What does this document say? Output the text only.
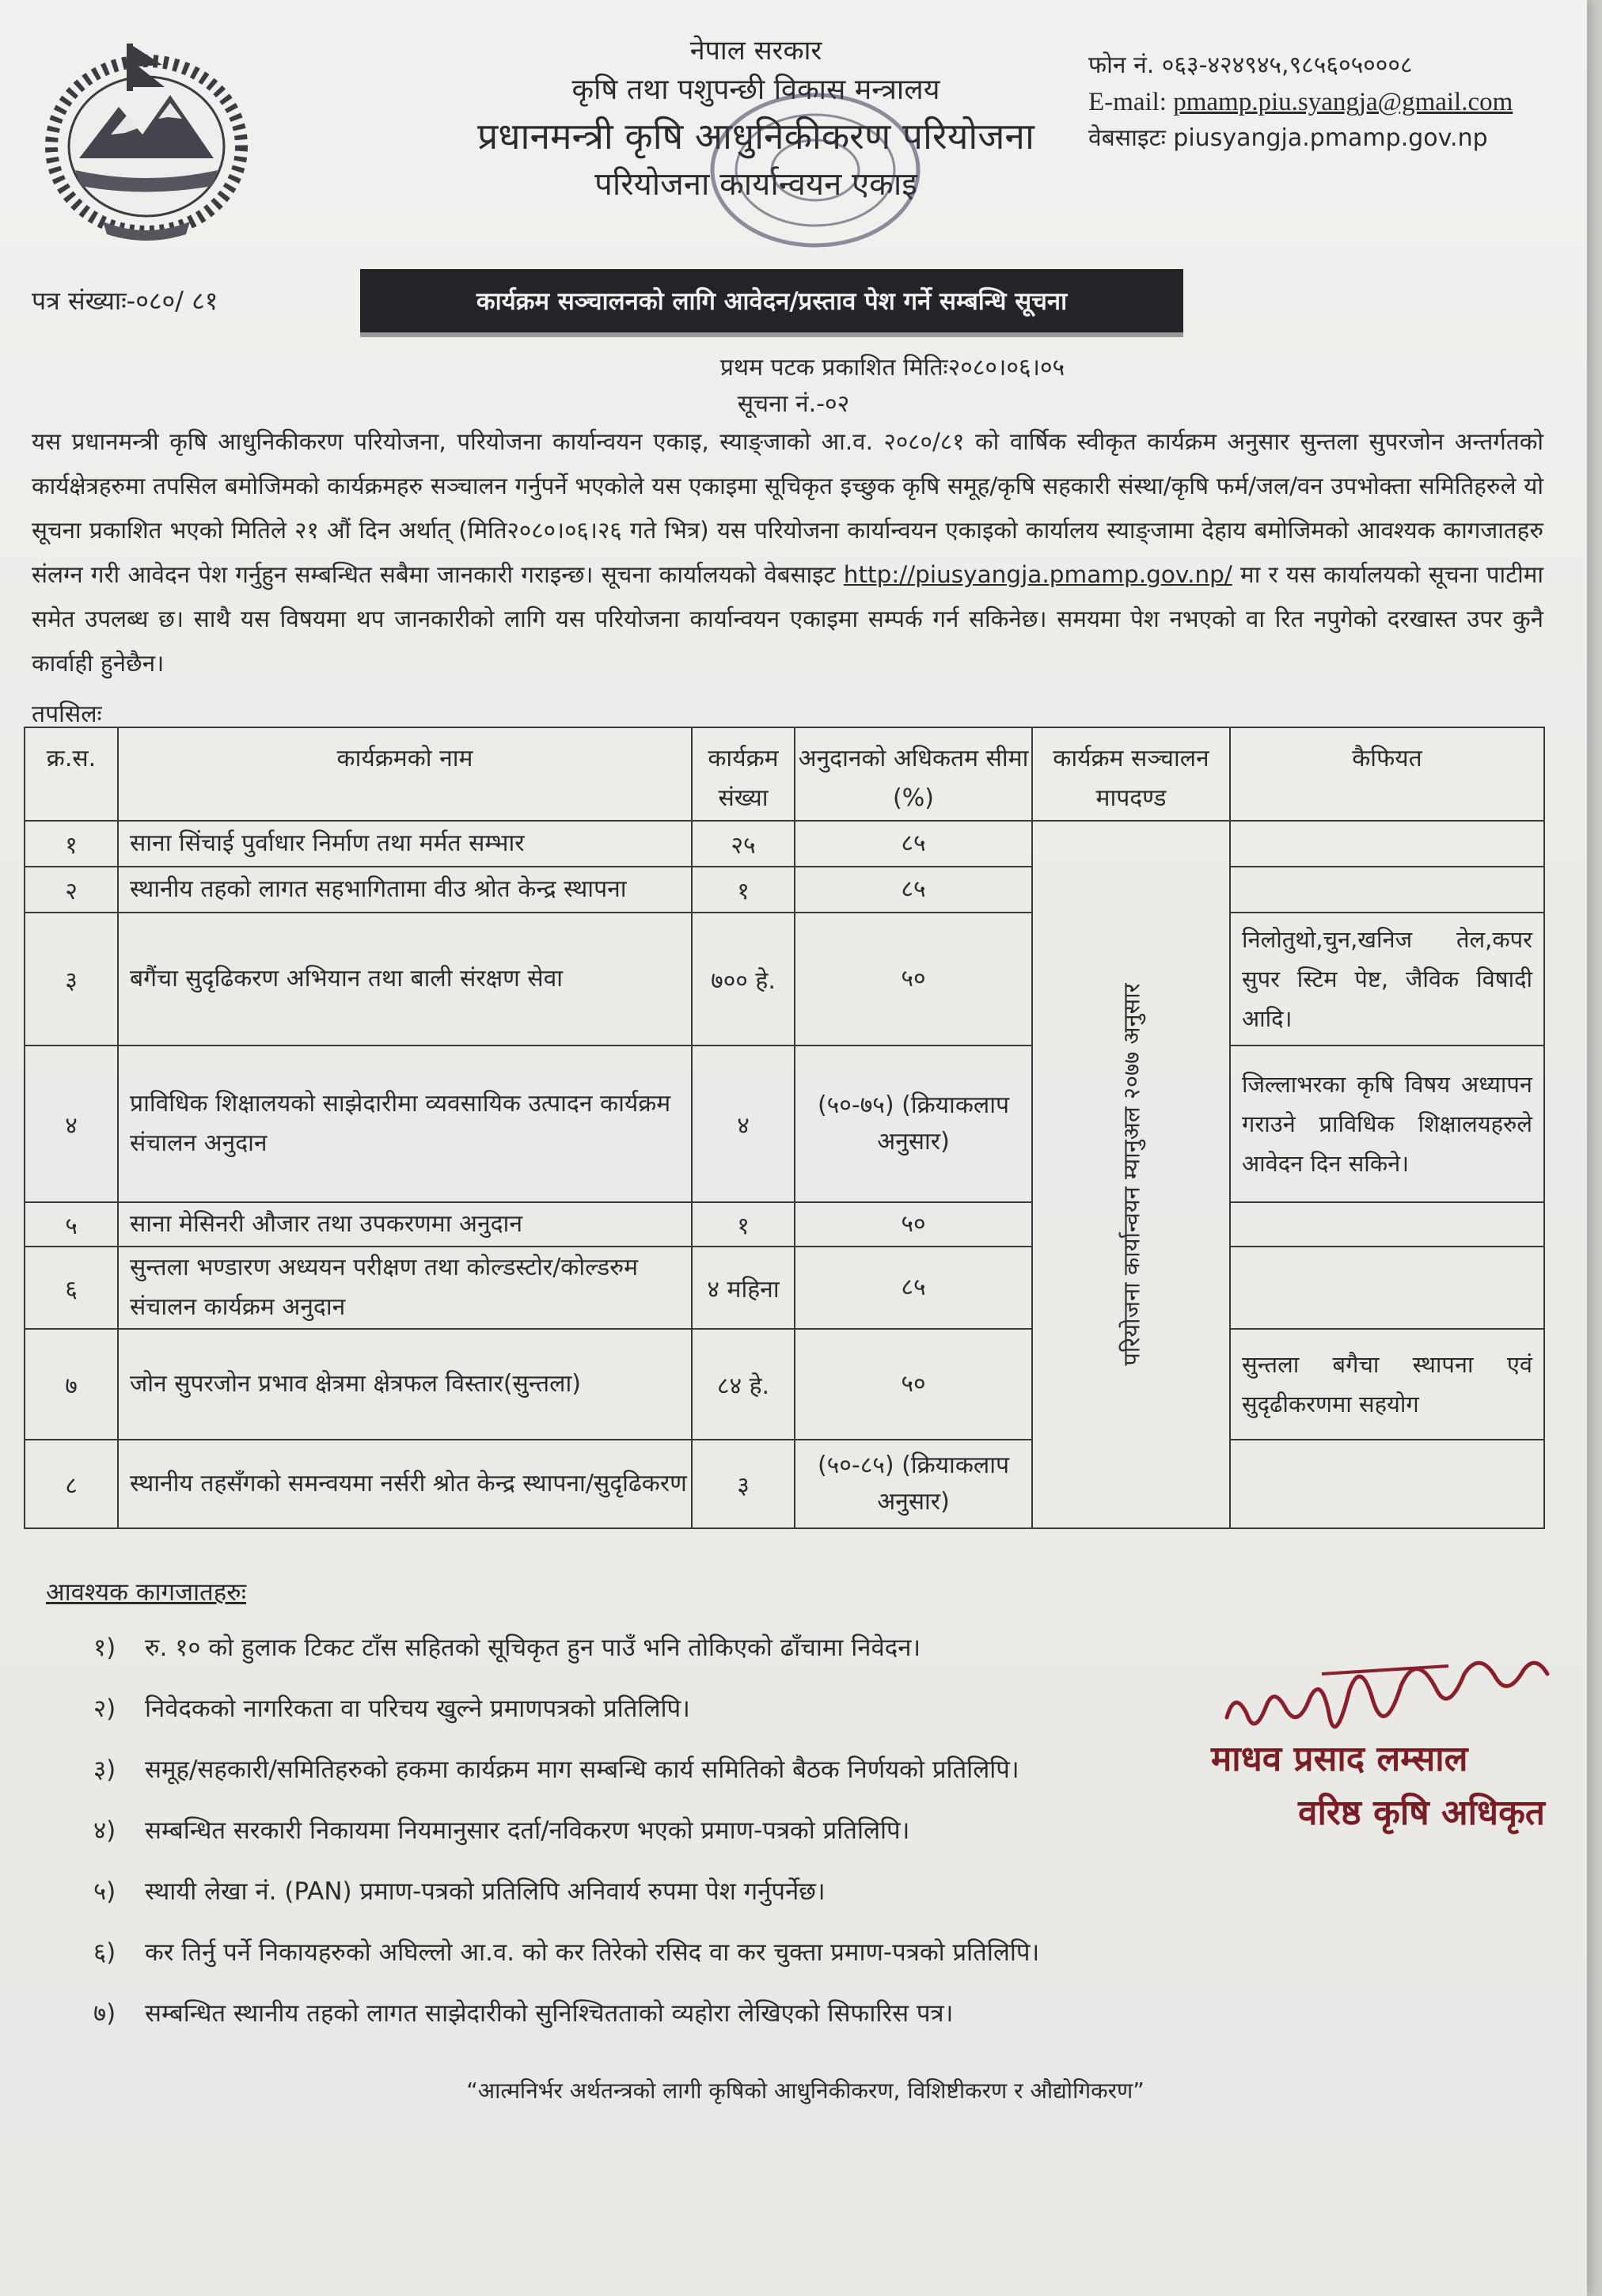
नेपाल सरकार
कृषि तथा पशुपन्छी विकास मन्त्रालय
प्रधानमन्त्री कृषि आधुनिकीकरण परियोजना
परियोजना कार्यान्वयन एकाइ
फोन नं. ०६३-४२४९४५,९८५६०५०००८
E-mail: pmamp.piu.syangja@gmail.com
वेबसाइटः piusyangja.pmamp.gov.np
पत्र संख्याः-०८०/ ८१	कार्यक्रम सञ्चालनको लागि आवेदन/प्रस्ताव पेश गर्ने सम्बन्धि सूचना
प्रथम पटक प्रकाशित मितिः२०८०।०६।०५
सूचना नं.-०२
यस प्रधानमन्त्री कृषि आधुनिकीकरण परियोजना, परियोजना कार्यान्वयन एकाइ, स्याङ्जाको आ.व. २०८०/८१ को वार्षिक स्वीकृत कार्यक्रम अनुसार सुन्तला सुपरजोन अन्तर्गतको कार्यक्षेत्रहरुमा तपसिल बमोजिमको कार्यक्रमहरु सञ्चालन गर्नुपर्ने भएकोले यस एकाइमा सूचिकृत इच्छुक कृषि समूह/कृषि सहकारी संस्था/कृषि फर्म/जल/वन उपभोक्ता समितिहरुले यो सूचना प्रकाशित भएको मितिले २१ औं दिन अर्थात् (मिति२०८०।०६।२६ गते भित्र) यस परियोजना कार्यान्वयन एकाइको कार्यालय स्याङ्जामा देहाय बमोजिमको आवश्यक कागजातहरु संलग्न गरी आवेदन पेश गर्नुहुन सम्बन्धित सबैमा जानकारी गराइन्छ। सूचना कार्यालयको वेबसाइट http://piusyangja.pmamp.gov.np/ मा र यस कार्यालयको सूचना पाटीमा समेत उपलब्ध छ। साथै यस विषयमा थप जानकारीको लागि यस परियोजना कार्यान्वयन एकाइमा सम्पर्क गर्न सकिनेछ। समयमा पेश नभएको वा रित नपुगेको दरखास्त उपर कुनै कार्वाही हुनेछैन।
तपसिलः
क्र.स.	कार्यक्रमको नाम	कार्यक्रम संख्या	अनुदानको अधिकतम सीमा (%)	कार्यक्रम सञ्चालन मापदण्ड	कैफियत
१	साना सिंचाई पुर्वाधार निर्माण तथा मर्मत सम्भार	२५	८५	परियोजना कार्यान्वयन म्यानुअल २०७७ अनुसार	

२	स्थानीय तहको लागत सहभागितामा वीउ श्रोत केन्द्र स्थापना	१	८५		
३	बगैंचा सुदृढिकरण अभियान तथा बाली संरक्षण सेवा	७०० हे.	५०		निलोतुथो,चुन,खनिज तेल,कपर सुपर स्टिम पेष्ट, जैविक विषादी आदि।
४	प्राविधिक शिक्षालयको साझेदारीमा व्यवसायिक उत्पादन कार्यक्रम संचालन अनुदान	४	(५०-७५) (क्रियाकलाप अनुसार)		जिल्लाभरका कृषि विषय अध्यापन गराउने प्राविधिक शिक्षालयहरुले आवेदन दिन सकिने।
५	साना मेसिनरी औजार तथा उपकरणमा अनुदान	१	५०		
६	सुन्तला भण्डारण अध्ययन परीक्षण तथा कोल्डस्टोर/कोल्डरुम संचालन कार्यक्रम अनुदान	४ महिना	८५		
७	जोन सुपरजोन प्रभाव क्षेत्रमा क्षेत्रफल विस्तार(सुन्तला)	८४ हे.	५०		सुन्तला बगैचा स्थापना एवं सुदृढीकरणमा सहयोग
८	स्थानीय तहसँगको समन्वयमा नर्सरी श्रोत केन्द्र स्थापना/सुदृढिकरण	३	(५०-८५) (क्रियाकलाप अनुसार)		
आवश्यक कागजातहरुः
१)	रु. १० को हुलाक टिकट टाँस सहितको सूचिकृत हुन पाउँ भनि तोकिएको ढाँचामा निवेदन।
२)	निवेदकको नागरिकता वा परिचय खुल्ने प्रमाणपत्रको प्रतिलिपि।
३)	समूह/सहकारी/समितिहरुको हकमा कार्यक्रम माग सम्बन्धि कार्य समितिको बैठक निर्णयको प्रतिलिपि।
४)	सम्बन्धित सरकारी निकायमा नियमानुसार दर्ता/नविकरण भएको प्रमाण-पत्रको प्रतिलिपि।
५)	स्थायी लेखा नं. (PAN) प्रमाण-पत्रको प्रतिलिपि अनिवार्य रुपमा पेश गर्नुपर्नेछ।
६)	कर तिर्नु पर्ने निकायहरुको अघिल्लो आ.व. को कर तिरेको रसिद वा कर चुक्ता प्रमाण-पत्रको प्रतिलिपि।
७)	सम्बन्धित स्थानीय तहको लागत साझेदारीको सुनिश्चितताको व्यहोरा लेखिएको सिफारिस पत्र।
माधव प्रसाद लम्साल
वरिष्ठ कृषि अधिकृत
“आत्मनिर्भर अर्थतन्त्रको लागी कृषिको आधुनिकीकरण, विशिष्टीकरण र औद्योगिकरण”
